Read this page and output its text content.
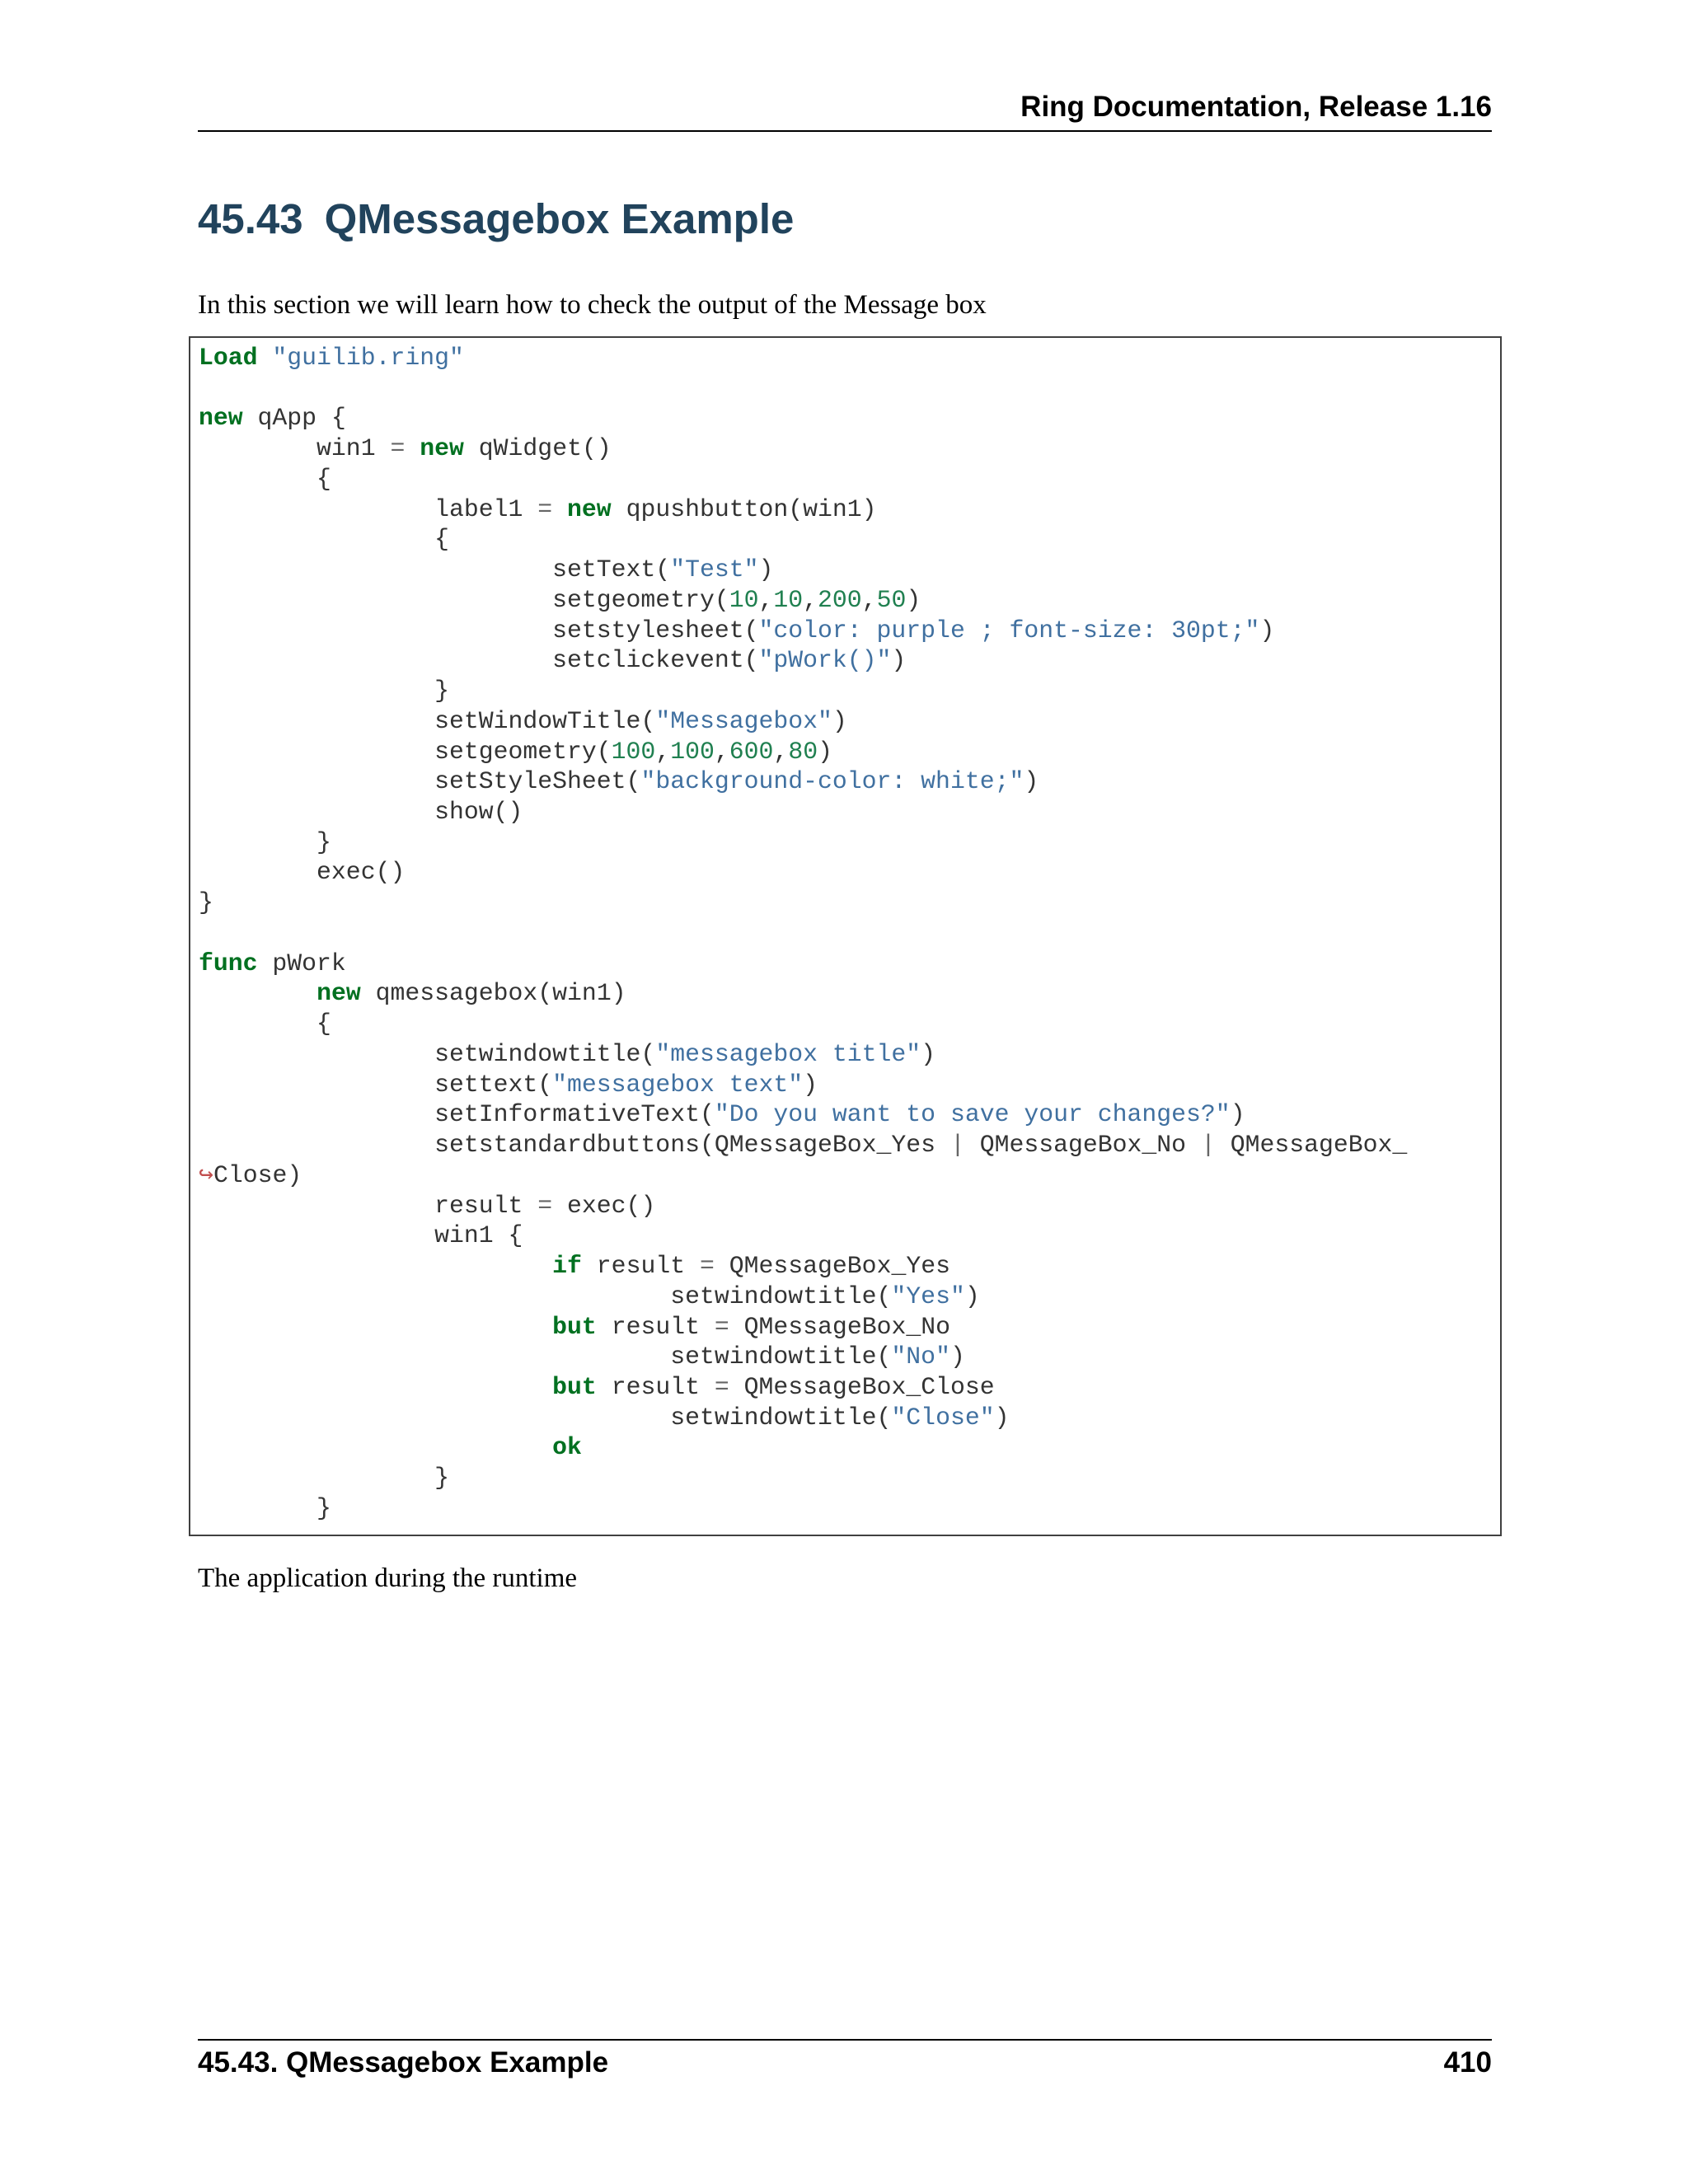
Ring Documentation, Release 1.16
45.43 QMessagebox Example

In this section we will learn how to check the output of the Message box

Load "guilib.ring"

new qApp {
win1 = new qWidget()
{
label1 = new qpushbutton(win1)
{
setText("Test")
setgeometry(10,10,200,50)
setstylesheet("color: purple ; font-size: 30pt;")
setclickevent("pWork()")
}
setWindowTitle("Messagebox")
setgeometry(100,100,600,80)
setStyleSheet("background-color: white;")
show()
}
exec()
}

func pWork
new qmessagebox(win1)
{
setwindowtitle("messagebox title")
settext("messagebox text")
setInformativeText("Do you want to save your changes?")
setstandardbuttons(QMessageBox_Yes | QMessageBox_No | QMessageBox_
↪Close)
result = exec()
win1 {
if result = QMessageBox_Yes
setwindowtitle("Yes")
but result = QMessageBox_No
setwindowtitle("No")
but result = QMessageBox_Close
setwindowtitle("Close")
ok
}
}

The application during the runtime

45.43. QMessagebox Example	410
